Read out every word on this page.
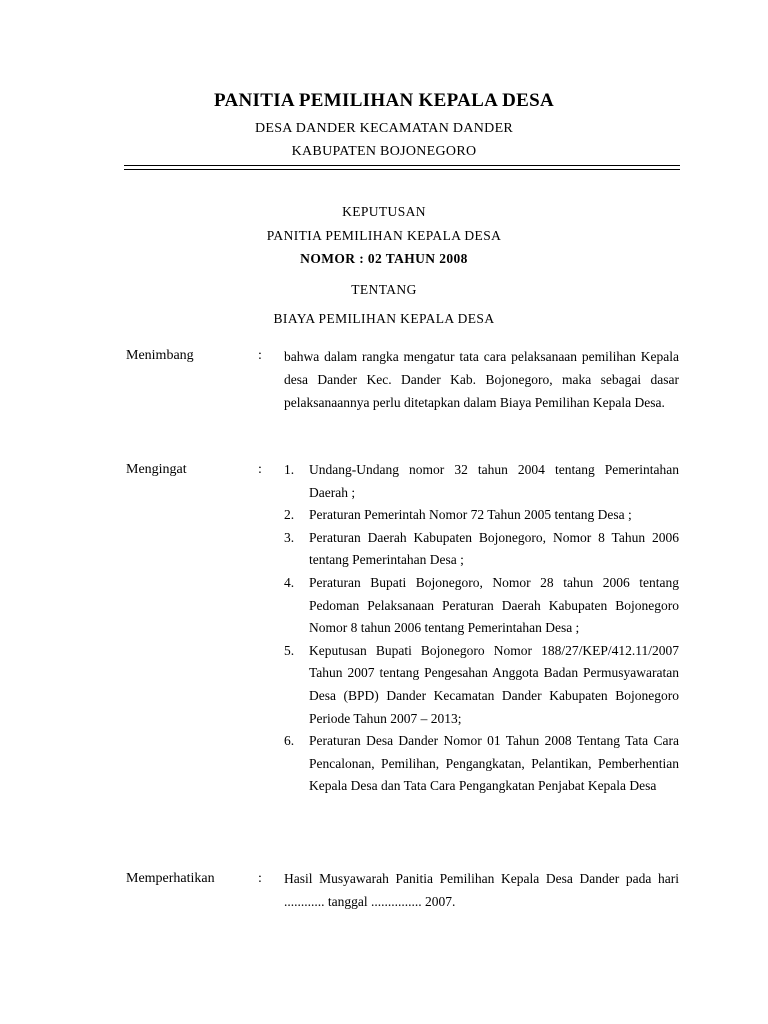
PANITIA PEMILIHAN KEPALA DESA
DESA DANDER KECAMATAN DANDER
KABUPATEN BOJONEGORO
KEPUTUSAN
PANITIA PEMILIHAN KEPALA DESA
NOMOR : 02 TAHUN 2008
TENTANG
BIAYA PEMILIHAN KEPALA DESA
Menimbang	: bahwa dalam rangka mengatur tata cara pelaksanaan pemilihan Kepala desa Dander Kec. Dander Kab. Bojonegoro, maka sebagai dasar pelaksanaannya perlu ditetapkan dalam Biaya Pemilihan Kepala Desa.
Mengingat	: 1. Undang-Undang nomor 32 tahun 2004 tentang Pemerintahan Daerah ;
2. Peraturan Pemerintah Nomor 72 Tahun 2005 tentang Desa ;
3. Peraturan Daerah Kabupaten Bojonegoro, Nomor 8 Tahun 2006 tentang Pemerintahan Desa ;
4. Peraturan Bupati Bojonegoro, Nomor 28 tahun 2006 tentang Pedoman Pelaksanaan Peraturan Daerah Kabupaten Bojonegoro Nomor 8 tahun 2006 tentang Pemerintahan Desa ;
5. Keputusan Bupati Bojonegoro Nomor 188/27/KEP/412.11/2007 Tahun 2007 tentang Pengesahan Anggota Badan Permusyawaratan Desa (BPD) Dander Kecamatan Dander Kabupaten Bojonegoro Periode Tahun 2007 – 2013;
6. Peraturan Desa Dander Nomor 01 Tahun 2008 Tentang Tata Cara Pencalonan, Pemilihan, Pengangkatan, Pelantikan, Pemberhentian Kepala Desa dan Tata Cara Pengangkatan Penjabat Kepala Desa
Memperhatikan	: Hasil Musyawarah Panitia Pemilihan Kepala Desa Dander pada hari ............ tanggal ............... 2007.
